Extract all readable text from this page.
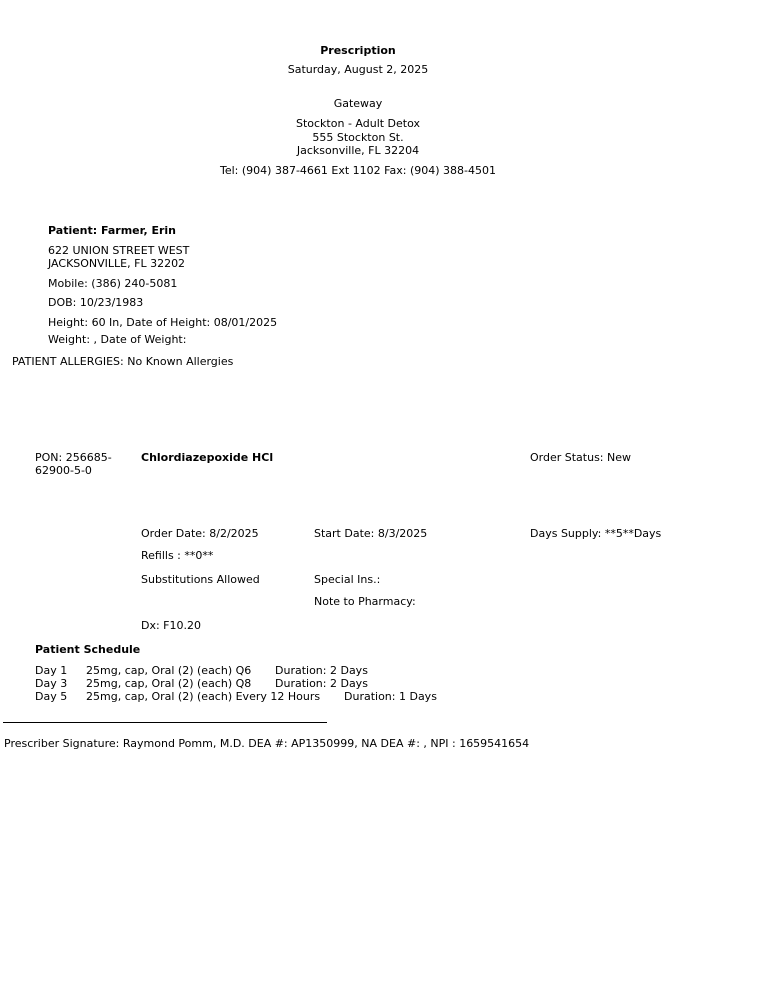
Prescription
Saturday, August 2, 2025
Gateway
Stockton - Adult Detox
555 Stockton St.
Jacksonville, FL 32204
Tel: (904) 387-4661 Ext 1102 Fax: (904) 388-4501
Patient: Farmer, Erin
622 UNION STREET WEST
JACKSONVILLE, FL 32202
Mobile: (386) 240-5081
DOB: 10/23/1983
Height: 60 In, Date of Height: 08/01/2025
Weight: , Date of Weight:
PATIENT ALLERGIES: No Known Allergies
PON: 256685-
62900-5-0
Chlordiazepoxide HCl	Order Status: New
Order Date: 8/2/2025	Start Date: 8/3/2025	Days Supply: **5**Days
Refills : **0**
Substitutions Allowed	Special Ins.:
Note to Pharmacy:
Dx: F10.20
Patient Schedule
Day 1 25mg, cap, Oral (2) (each) Q6 Duration: 2 Days
Day 3 25mg, cap, Oral (2) (each) Q8 Duration: 2 Days
Day 5 25mg, cap, Oral (2) (each) Every 12 Hours Duration: 1 Days
Prescriber Signature: Raymond Pomm, M.D. DEA #: AP1350999, NA DEA #: , NPI : 1659541654
